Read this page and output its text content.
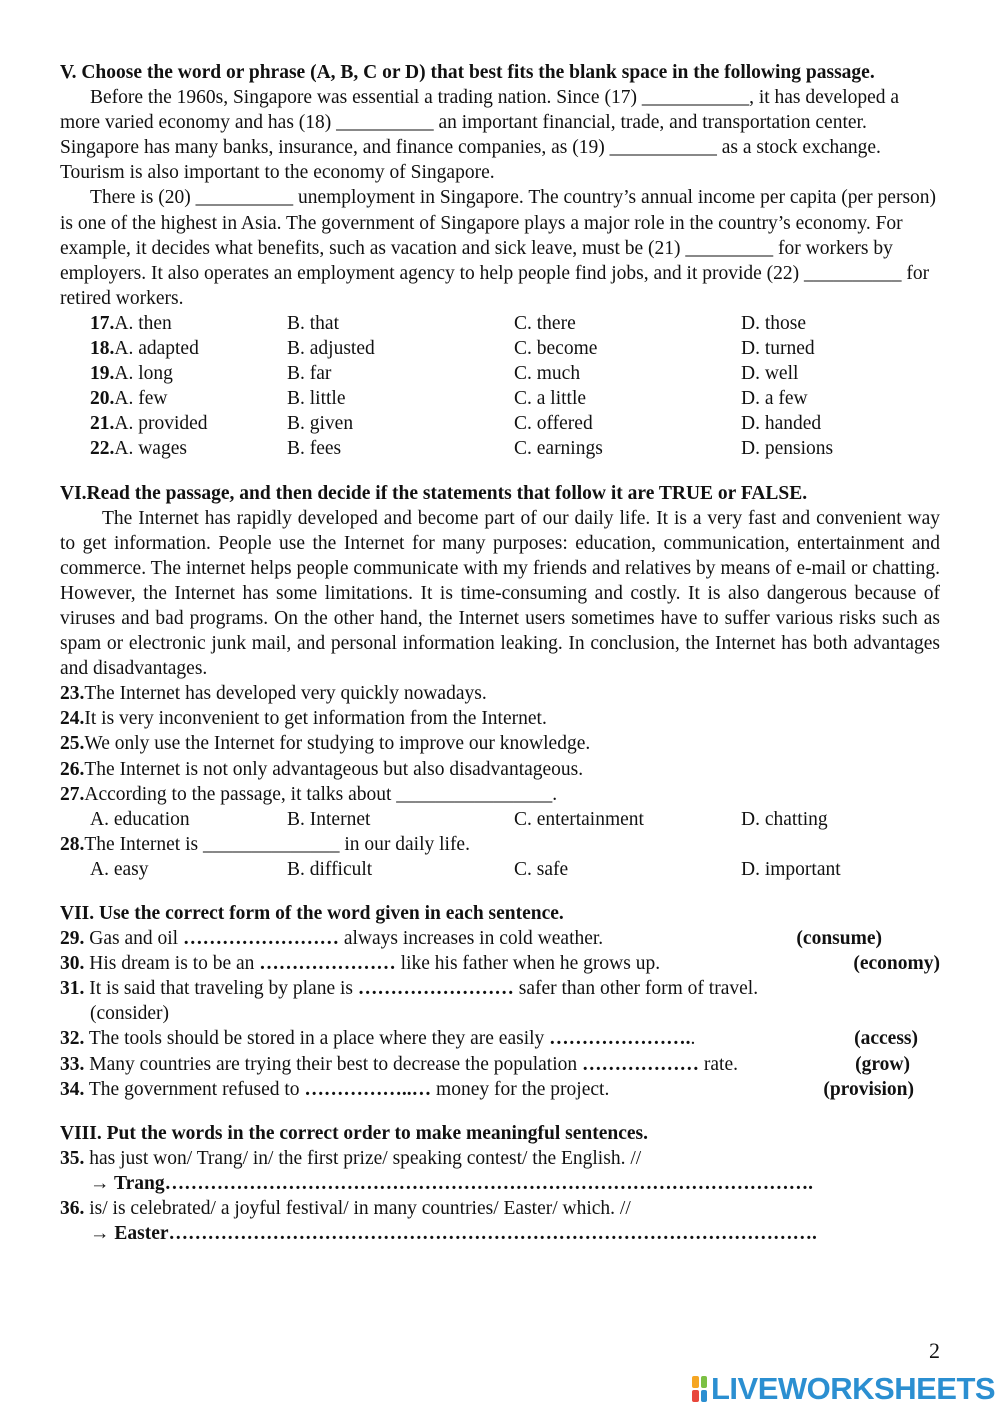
V. Choose the word or phrase (A, B, C or D) that best fits the blank space in the following passage.

Before the 1960s, Singapore was essential a trading nation. Since (17) ___________, it has developed a more varied economy and has (18) __________ an important financial, trade, and transportation center. Singapore has many banks, insurance, and finance companies, as (19) ___________ as a stock exchange. Tourism is also important to the economy of Singapore.

There is (20) __________ unemployment in Singapore. The country’s annual income per capita (per person) is one of the highest in Asia. The government of Singapore plays a major role in the country’s economy. For example, it decides what benefits, such as vacation and sick leave, must be (21) _________ for workers by employers. It also operates an employment agency to help people find jobs, and it provide (22) __________ for retired workers.

17.A. then	B. that	C. there	D. those
18.A. adapted	B. adjusted	C. become	D. turned
19.A. long	B. far	C. much	D. well
20.A. few	B. little	C. a little	D. a few
21.A. provided	B. given	C. offered	D. handed
22.A. wages	B. fees	C. earnings	D. pensions

VI.Read the passage, and then decide if the statements that follow it are TRUE or FALSE.

The Internet has rapidly developed and become part of our daily life. It is a very fast and convenient way to get information. People use the Internet for many purposes: education, communication, entertainment and commerce. The internet helps people communicate with my friends and relatives by means of e-mail or chatting. However, the Internet has some limitations. It is time-consuming and costly. It is also dangerous because of viruses and bad programs. On the other hand, the Internet users sometimes have to suffer various risks such as spam or electronic junk mail, and personal information leaking. In conclusion, the Internet has both advantages and disadvantages.

23.The Internet has developed very quickly nowadays.

24.It is very inconvenient to get information from the Internet.

25.We only use the Internet for studying to improve our knowledge.

26.The Internet is not only advantageous but also disadvantageous.

27.According to the passage, it talks about ________________.

A. education	B. Internet	C. entertainment	D. chatting

28.The Internet is ______________ in our daily life.

A. easy	B. difficult	C. safe	D. important

VII. Use the correct form of the word given in each sentence.

29. Gas and oil …………………… always increases in cold weather.	(consume)
30. His dream is to be an ………………… like his father when he grows up.	(economy)

31. It is said that traveling by plane is …………………… safer than other form of travel.

(consider)

32. The tools should be stored in a place where they are easily …………………..	(access)
33. Many countries are trying their best to decrease the population ……………… rate.	(grow)
34. The government refused to ……………..… money for the project.	(provision)

VIII. Put the words in the correct order to make meaningful sentences.

35. has just won/ Trang/ in/ the first prize/ speaking contest/ the English. //

→ Trang……………………………………………………………………………………….

36. is/ is celebrated/ a joyful festival/ in many countries/ Easter/ which. //

→ Easter……………………………………………………………………………………….

2
LIVEWORKSHEETS
